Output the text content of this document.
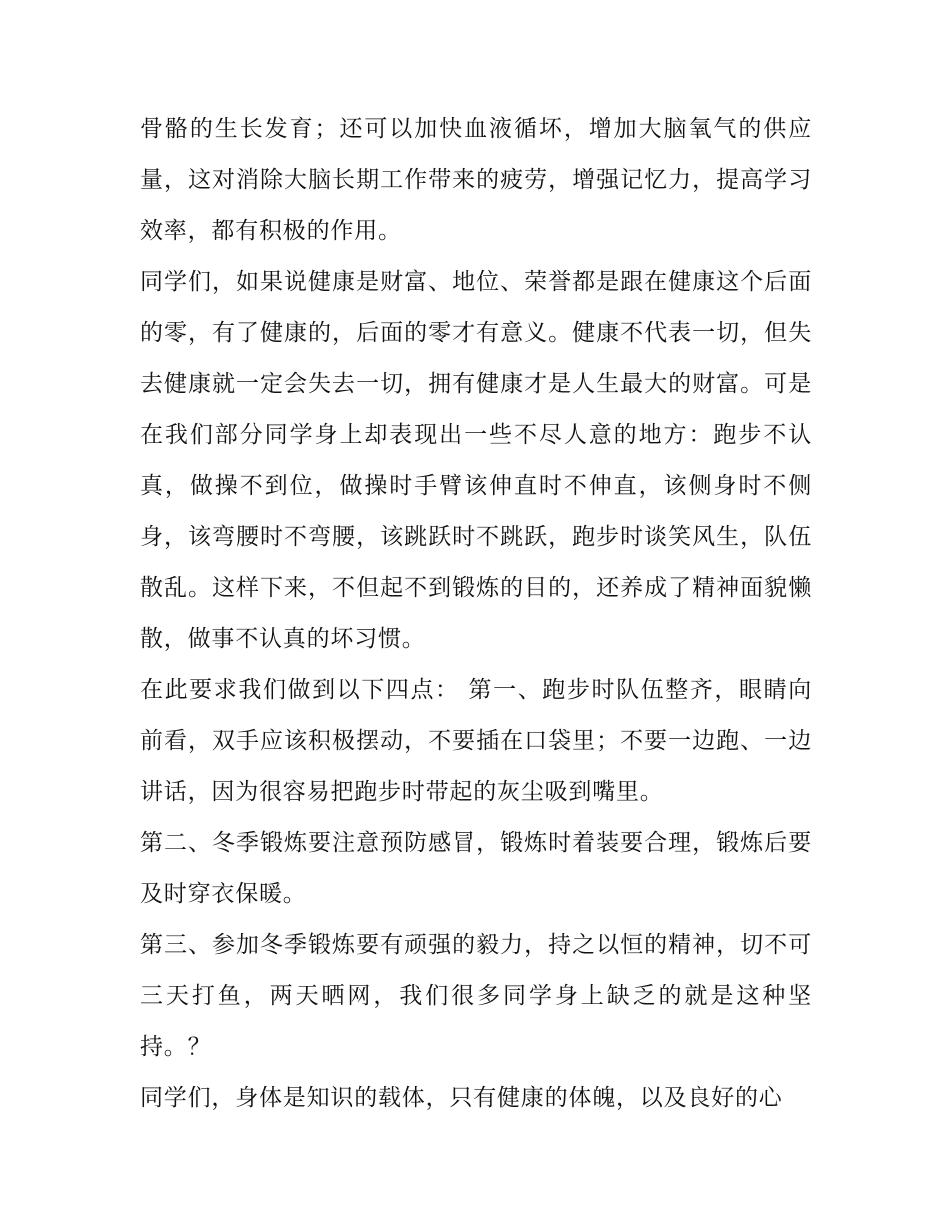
骨骼的生长发育；还可以加快血液循坏，增加大脑氧气的供应量，这对消除大脑长期工作带来的疲劳，增强记忆力，提高学习效率，都有积极的作用。

同学们，如果说健康是财富、地位、荣誉都是跟在健康这个后面的零，有了健康的，后面的零才有意义。健康不代表一切，但失去健康就一定会失去一切，拥有健康才是人生最大的财富。可是在我们部分同学身上却表现出一些不尽人意的地方：跑步不认真，做操不到位，做操时手臂该伸直时不伸直，该侧身时不侧身，该弯腰时不弯腰，该跳跃时不跳跃，跑步时谈笑风生，队伍散乱。这样下来，不但起不到锻炼的目的，还养成了精神面貌懒散，做事不认真的坏习惯。

在此要求我们做到以下四点： 第一、跑步时队伍整齐，眼睛向前看，双手应该积极摆动，不要插在口袋里；不要一边跑、一边讲话，因为很容易把跑步时带起的灰尘吸到嘴里。

第二、冬季锻炼要注意预防感冒，锻炼时着装要合理，锻炼后要及时穿衣保暖。

第三、参加冬季锻炼要有顽强的毅力，持之以恒的精神，切不可三天打鱼，两天晒网，我们很多同学身上缺乏的就是这种坚持。？

同学们，身体是知识的载体，只有健康的体魄，以及良好的心
